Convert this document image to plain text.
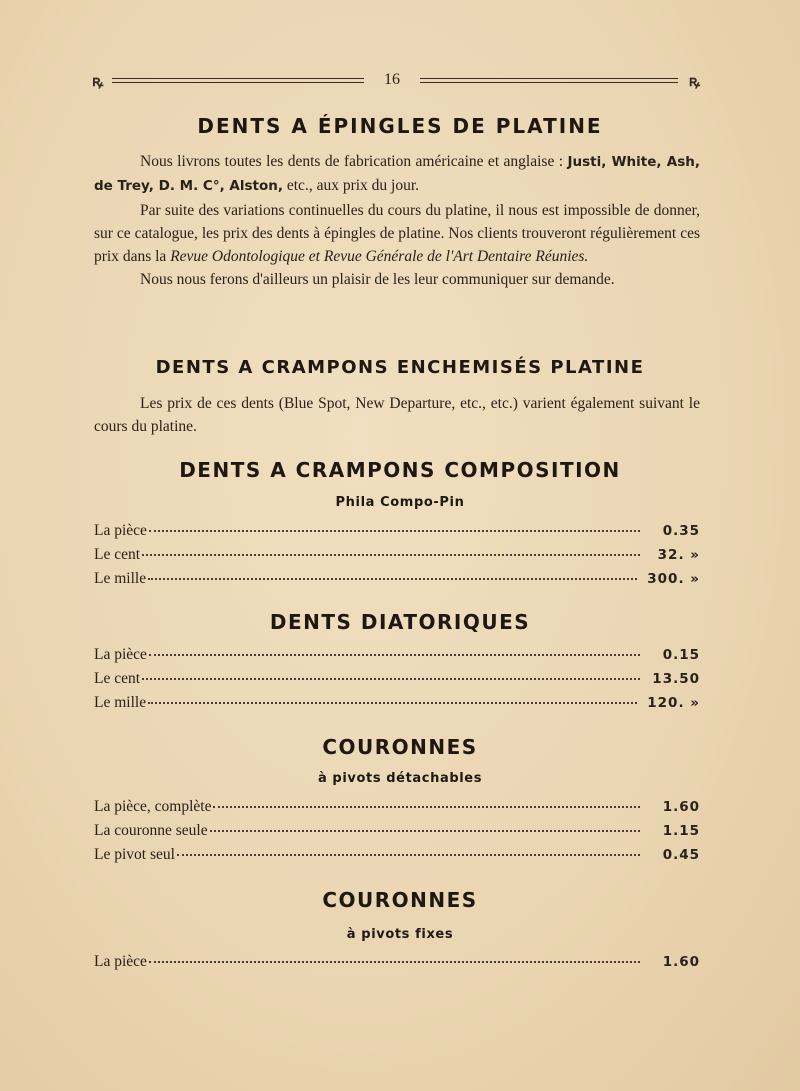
ꝶ	16	ꝶ
DENTS A ÉPINGLES DE PLATINE

Nous livrons toutes les dents de fabrication américaine et anglaise : Justi, White, Ash, de Trey, D. M. C°, Alston, etc., aux prix du jour.

Par suite des variations continuelles du cours du platine, il nous est impossible de donner, sur ce catalogue, les prix des dents à épingles de platine. Nos clients trouveront régulièrement ces prix dans la Revue Odontologique et Revue Générale de l'Art Dentaire Réunies.

Nous nous ferons d'ailleurs un plaisir de les leur communiquer sur demande.

DENTS A CRAMPONS ENCHEMISÉS PLATINE

Les prix de ces dents (Blue Spot, New Departure, etc., etc.) varient également suivant le cours du platine.

DENTS A CRAMPONS COMPOSITION
Phila Compo-Pin
La pièce	0.35
Le cent	32. »
Le mille	300. »
DENTS DIATORIQUES
La pièce	0.15
Le cent	13.50
Le mille	120. »
COURONNES
à pivots détachables
La pièce, complète	1.60
La couronne seule	1.15
Le pivot seul	0.45
COURONNES
à pivots fixes
La pièce	1.60
